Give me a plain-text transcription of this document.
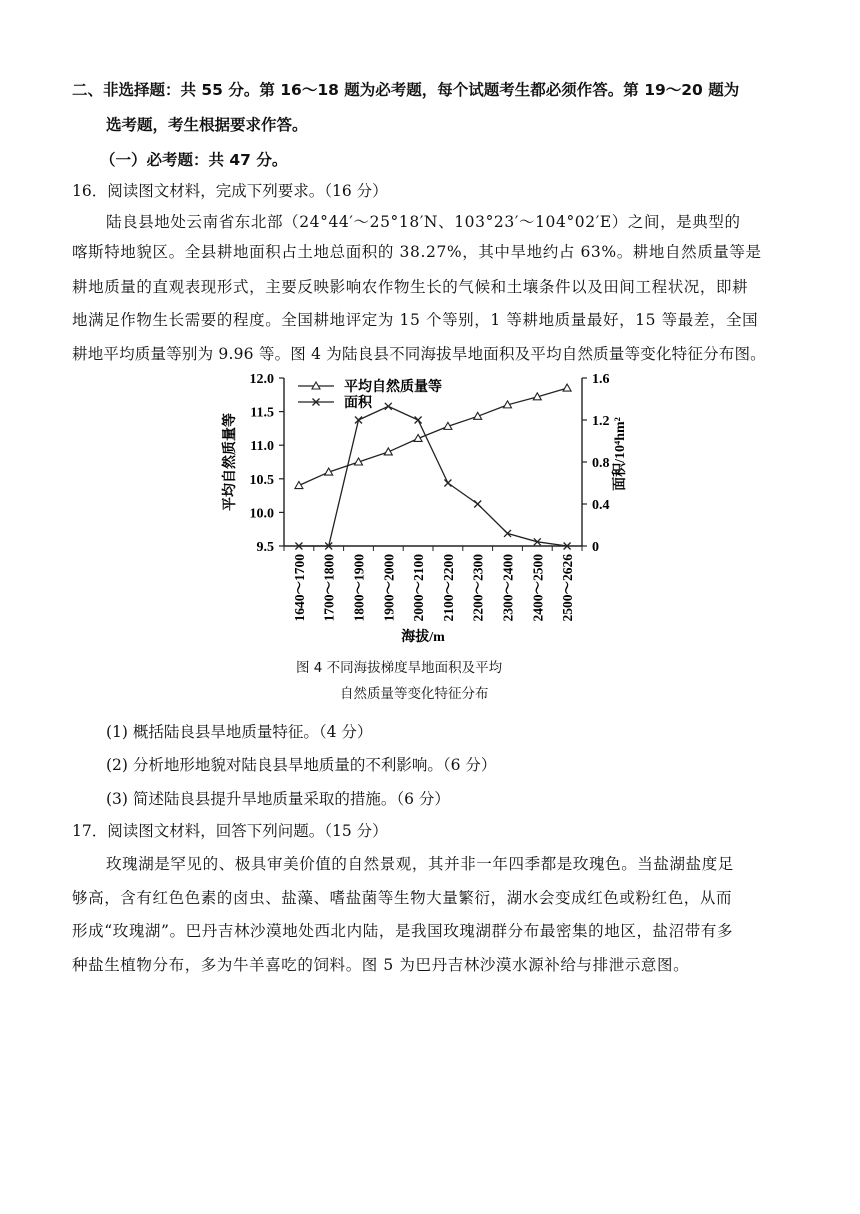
二、非选择题：共 55 分。第 16～18 题为必考题，每个试题考生都必须作答。第 19～20 题为
选考题，考生根据要求作答。
（一）必考题：共 47 分。
16．阅读图文材料，完成下列要求。（16 分）
陆良县地处云南省东北部（24°44′～25°18′N、103°23′～104°02′E）之间，是典型的
喀斯特地貌区。全县耕地面积占土地总面积的 38.27%，其中旱地约占 63%。耕地自然质量等是
耕地质量的直观表现形式，主要反映影响农作物生长的气候和土壤条件以及田间工程状况，即耕
地满足作物生长需要的程度。全国耕地评定为 15 个等别，1 等耕地质量最好，15 等最差，全国
耕地平均质量等别为 9.96 等。图 4 为陆良县不同海拔旱地面积及平均自然质量等变化特征分布图。
12.0
11.5
11.0
10.5
10.0
9.5
1.6
1.2
0.8
0.4
0
1640～1700 1700～1800 1800～1900 1900～2000 2000～2100 2100～2200 2200～2300 2300～2400 2400～2500 2500～2626
平均自然质量等
面积
平均自然质量等	面积/10⁴hm²
海拔/m
图 4 不同海拔梯度旱地面积及平均
自然质量等变化特征分布
(1) 概括陆良县旱地质量特征。（4 分）
(2) 分析地形地貌对陆良县旱地质量的不利影响。（6 分）
(3) 简述陆良县提升旱地质量采取的措施。（6 分）
17．阅读图文材料，回答下列问题。（15 分）
玫瑰湖是罕见的、极具审美价值的自然景观，其并非一年四季都是玫瑰色。当盐湖盐度足
够高，含有红色色素的卤虫、盐藻、嗜盐菌等生物大量繁衍，湖水会变成红色或粉红色，从而
形成“玫瑰湖”。巴丹吉林沙漠地处西北内陆，是我国玫瑰湖群分布最密集的地区，盐沼带有多
种盐生植物分布，多为牛羊喜吃的饲料。图 5 为巴丹吉林沙漠水源补给与排泄示意图。
